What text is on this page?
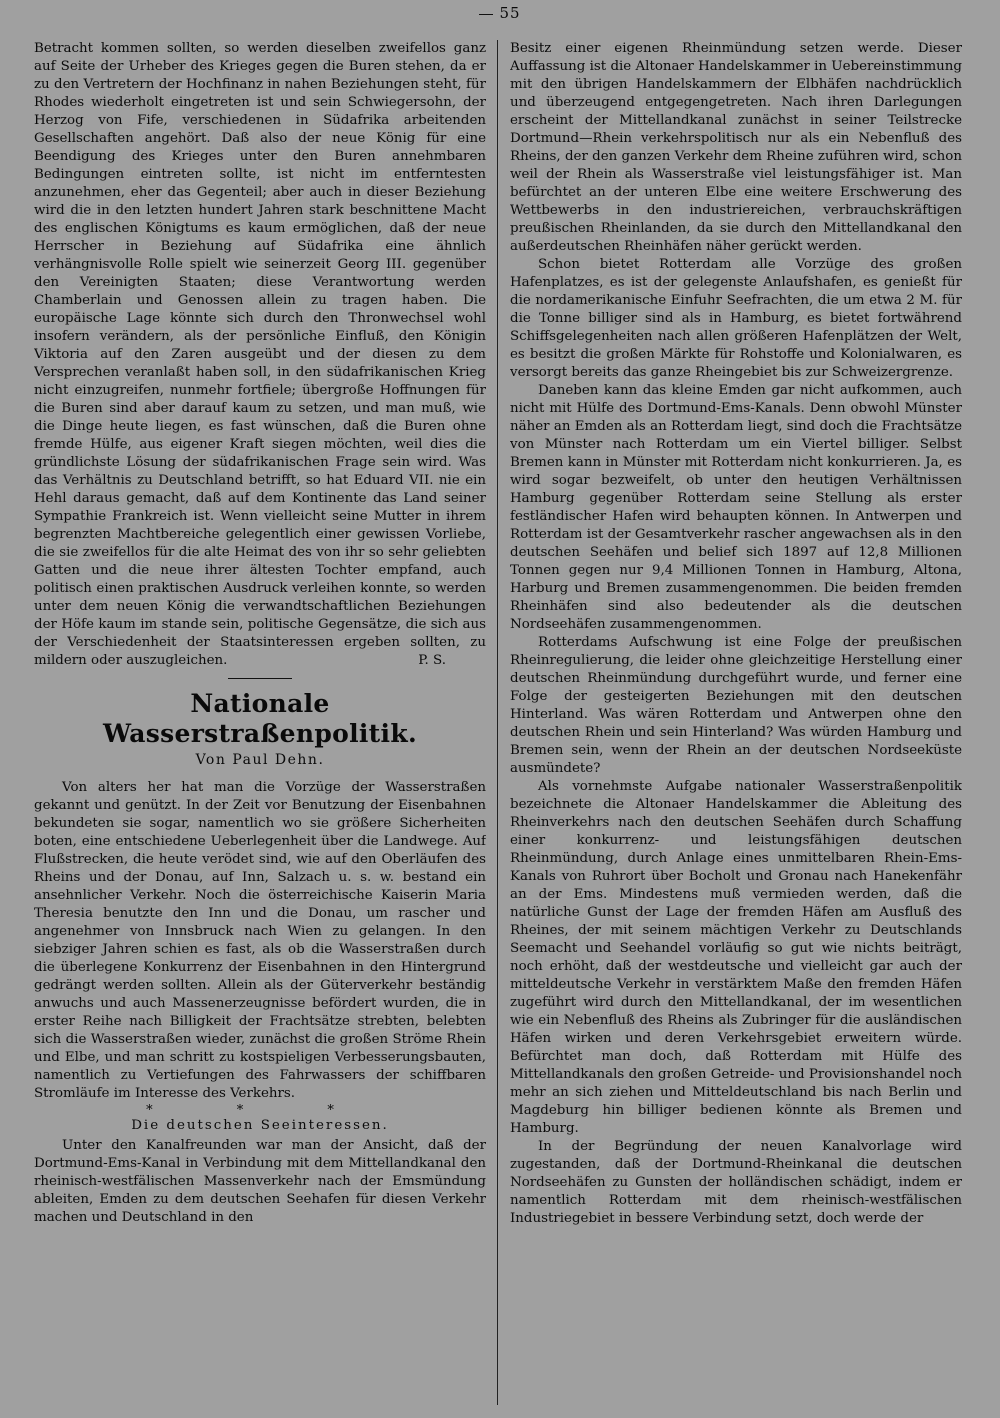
55

Betracht kommen sollten, so werden dieselben zweifellos ganz auf Seite der Urheber des Krieges gegen die Buren stehen, da er zu den Vertretern der Hochfinanz in nahen Beziehungen steht, für Rhodes wiederholt eingetreten ist und sein Schwiegersohn, der Herzog von Fife, verschiedenen in Südafrika arbeitenden Gesellschaften angehört. Daß also der neue König für eine Beendigung des Krieges unter den Buren annehmbaren Bedingungen eintreten sollte, ist nicht im entferntesten anzunehmen, eher das Gegenteil; aber auch in dieser Beziehung wird die in den letzten hundert Jahren stark beschnittene Macht des englischen Königtums es kaum ermöglichen, daß der neue Herrscher in Beziehung auf Südafrika eine ähnlich verhängnisvolle Rolle spielt wie seinerzeit Georg III. gegenüber den Vereinigten Staaten; diese Verantwortung werden Chamberlain und Genossen allein zu tragen haben. Die europäische Lage könnte sich durch den Thronwechsel wohl insofern verändern, als der persönliche Einfluß, den Königin Viktoria auf den Zaren ausgeübt und der diesen zu dem Versprechen veranlaßt haben soll, in den südafrikanischen Krieg nicht einzugreifen, nunmehr fortfiele; übergroße Hoffnungen für die Buren sind aber darauf kaum zu setzen, und man muß, wie die Dinge heute liegen, es fast wünschen, daß die Buren ohne fremde Hülfe, aus eigener Kraft siegen möchten, weil dies die gründlichste Lösung der südafrikanischen Frage sein wird. Was das Verhältnis zu Deutschland betrifft, so hat Eduard VII. nie ein Hehl daraus gemacht, daß auf dem Kontinente das Land seiner Sympathie Frankreich ist. Wenn vielleicht seine Mutter in ihrem begrenzten Machtbereiche gelegentlich einer gewissen Vorliebe, die sie zweifellos für die alte Heimat des von ihr so sehr geliebten Gatten und die neue ihrer ältesten Tochter empfand, auch politisch einen praktischen Ausdruck verleihen konnte, so werden unter dem neuen König die verwandtschaftlichen Beziehungen der Höfe kaum im stande sein, politische Gegensätze, die sich aus der Verschiedenheit der Staatsinteressen ergeben sollten, zu mildern oder auszugleichen.	P. S.

Nationale Wasserstraßenpolitik.
Von Paul Dehn.

Von alters her hat man die Vorzüge der Wasserstraßen gekannt und genützt. In der Zeit vor Benutzung der Eisenbahnen bekundeten sie sogar, namentlich wo sie größere Sicherheiten boten, eine entschiedene Ueberlegenheit über die Landwege. Auf Flußstrecken, die heute verödet sind, wie auf den Oberläufen des Rheins und der Donau, auf Inn, Salzach u. s. w. bestand ein ansehnlicher Verkehr. Noch die österreichische Kaiserin Maria Theresia benutzte den Inn und die Donau, um rascher und angenehmer von Innsbruck nach Wien zu gelangen. In den siebziger Jahren schien es fast, als ob die Wasserstraßen durch die überlegene Konkurrenz der Eisenbahnen in den Hintergrund gedrängt werden sollten. Allein als der Güterverkehr beständig anwuchs und auch Massenerzeugnisse befördert wurden, die in erster Reihe nach Billigkeit der Frachtsätze strebten, belebten sich die Wasserstraßen wieder, zunächst die großen Ströme Rhein und Elbe, und man schritt zu kostspieligen Verbesserungsbauten, namentlich zu Vertiefungen des Fahrwassers der schiffbaren Stromläufe im Interesse des Verkehrs.

* * *
Die deutschen Seeinteressen.

Unter den Kanalfreunden war man der Ansicht, daß der Dortmund-Ems-Kanal in Verbindung mit dem Mittellandkanal den rheinisch-westfälischen Massenverkehr nach der Emsmündung ableiten, Emden zu dem deutschen Seehafen für diesen Verkehr machen und Deutschland in den

Besitz einer eigenen Rheinmündung setzen werde. Dieser Auffassung ist die Altonaer Handelskammer in Uebereinstimmung mit den übrigen Handelskammern der Elbhäfen nachdrücklich und überzeugend entgegengetreten. Nach ihren Darlegungen erscheint der Mittellandkanal zunächst in seiner Teilstrecke Dortmund—Rhein verkehrspolitisch nur als ein Nebenfluß des Rheins, der den ganzen Verkehr dem Rheine zuführen wird, schon weil der Rhein als Wasserstraße viel leistungsfähiger ist. Man befürchtet an der unteren Elbe eine weitere Erschwerung des Wettbewerbs in den industriereichen, verbrauchskräftigen preußischen Rheinlanden, da sie durch den Mittellandkanal den außerdeutschen Rheinhäfen näher gerückt werden.

Schon bietet Rotterdam alle Vorzüge des großen Hafenplatzes, es ist der gelegenste Anlaufshafen, es genießt für die nordamerikanische Einfuhr Seefrachten, die um etwa 2 M. für die Tonne billiger sind als in Hamburg, es bietet fortwährend Schiffsgelegenheiten nach allen größeren Hafenplätzen der Welt, es besitzt die großen Märkte für Rohstoffe und Kolonialwaren, es versorgt bereits das ganze Rheingebiet bis zur Schweizergrenze.

Daneben kann das kleine Emden gar nicht aufkommen, auch nicht mit Hülfe des Dortmund-Ems-Kanals. Denn obwohl Münster näher an Emden als an Rotterdam liegt, sind doch die Frachtsätze von Münster nach Rotterdam um ein Viertel billiger. Selbst Bremen kann in Münster mit Rotterdam nicht konkurrieren. Ja, es wird sogar bezweifelt, ob unter den heutigen Verhältnissen Hamburg gegenüber Rotterdam seine Stellung als erster festländischer Hafen wird behaupten können. In Antwerpen und Rotterdam ist der Gesamtverkehr rascher angewachsen als in den deutschen Seehäfen und belief sich 1897 auf 12,8 Millionen Tonnen gegen nur 9,4 Millionen Tonnen in Hamburg, Altona, Harburg und Bremen zusammengenommen. Die beiden fremden Rheinhäfen sind also bedeutender als die deutschen Nordseehäfen zusammengenommen.

Rotterdams Aufschwung ist eine Folge der preußischen Rheinregulierung, die leider ohne gleichzeitige Herstellung einer deutschen Rheinmündung durchgeführt wurde, und ferner eine Folge der gesteigerten Beziehungen mit den deutschen Hinterland. Was wären Rotterdam und Antwerpen ohne den deutschen Rhein und sein Hinterland? Was würden Hamburg und Bremen sein, wenn der Rhein an der deutschen Nordseeküste ausmündete?

Als vornehmste Aufgabe nationaler Wasserstraßenpolitik bezeichnete die Altonaer Handelskammer die Ableitung des Rheinverkehrs nach den deutschen Seehäfen durch Schaffung einer konkurrenz- und leistungsfähigen deutschen Rheinmündung, durch Anlage eines unmittelbaren Rhein-Ems-Kanals von Ruhrort über Bocholt und Gronau nach Hanekenfähr an der Ems. Mindestens muß vermieden werden, daß die natürliche Gunst der Lage der fremden Häfen am Ausfluß des Rheines, der mit seinem mächtigen Verkehr zu Deutschlands Seemacht und Seehandel vorläufig so gut wie nichts beiträgt, noch erhöht, daß der westdeutsche und vielleicht gar auch der mitteldeutsche Verkehr in verstärktem Maße den fremden Häfen zugeführt wird durch den Mittellandkanal, der im wesentlichen wie ein Nebenfluß des Rheins als Zubringer für die ausländischen Häfen wirken und deren Verkehrsgebiet erweitern würde. Befürchtet man doch, daß Rotterdam mit Hülfe des Mittellandkanals den großen Getreide- und Provisionshandel noch mehr an sich ziehen und Mitteldeutschland bis nach Berlin und Magdeburg hin billiger bedienen könnte als Bremen und Hamburg.

In der Begründung der neuen Kanalvorlage wird zugestanden, daß der Dortmund-Rheinkanal die deutschen Nordseehäfen zu Gunsten der holländischen schädigt, indem er namentlich Rotterdam mit dem rheinisch-westfälischen Industriegebiet in bessere Verbindung setzt, doch werde der
